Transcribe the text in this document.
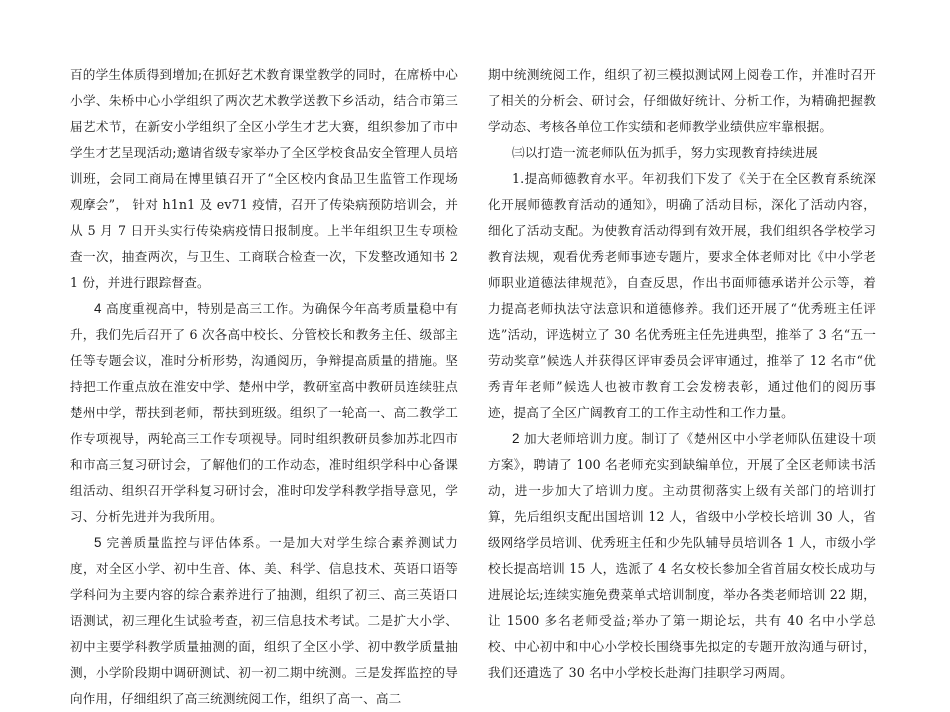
百的学生体质得到增加;在抓好艺术教育课堂教学的同时，在席桥中心小学、朱桥中心小学组织了两次艺术教学送教下乡活动，结合市第三届艺术节，在新安小学组织了全区小学生才艺大赛，组织参加了市中学生才艺呈现活动;邀请省级专家举办了全区学校食品安全管理人员培训班，会同工商局在博里镇召开了“全区校内食品卫生监管工作现场观摩会”， 针对 h1n1 及 ev71 疫情，召开了传染病预防培训会，并从 5 月 7 日开头实行传染病疫情日报制度。上半年组织卫生专项检查一次，抽查两次，与卫生、工商联合检查一次，下发整改通知书 21 份，并进行跟踪督查。

4 高度重视高中，特别是高三工作。为确保今年高考质量稳中有升，我们先后召开了 6 次各高中校长、分管校长和教务主任、级部主任等专题会议，准时分析形势，沟通阅历，争辩提高质量的措施。坚持把工作重点放在淮安中学、楚州中学，教研室高中教研员连续驻点楚州中学，帮扶到老师，帮扶到班级。组织了一轮高一、高二教学工作专项视导，两轮高三工作专项视导。同时组织教研员参加苏北四市和市高三复习研讨会，了解他们的工作动态，准时组织学科中心备课组活动、组织召开学科复习研讨会，准时印发学科教学指导意见，学习、分析先进并为我所用。

5 完善质量监控与评估体系。一是加大对学生综合素养测试力度，对全区小学、初中生音、体、美、科学、信息技术、英语口语等学科问为主要内容的综合素养进行了抽测，组织了初三、高三英语口语测试，初三理化生试验考查，初三信息技术考试。二是扩大小学、初中主要学科教学质量抽测的面，组织了全区小学、初中教学质量抽测，小学阶段期中调研测试、初一初二期中统测。三是发挥监控的导向作用，仔细组织了高三统测统阅工作，组织了高一、高二

期中统测统阅工作，组织了初三模拟测试网上阅卷工作，并准时召开了相关的分析会、研讨会，仔细做好统计、分析工作，为精确把握教学动态、考核各单位工作实绩和老师教学业绩供应牢靠根据。

㈢以打造一流老师队伍为抓手，努力实现教育持续进展

1.提高师德教育水平。年初我们下发了《关于在全区教育系统深化开展师德教育活动的通知》，明确了活动目标，深化了活动内容，细化了活动支配。为使教育活动得到有效开展，我们组织各学校学习教育法规，观看优秀老师事迹专题片，要求全体老师对比《中小学老师职业道德法律规范》，自查反思，作出书面师德承诺并公示等，着力提高老师执法守法意识和道德修养。我们还开展了“优秀班主任评选”活动，评选树立了 30 名优秀班主任先进典型，推举了 3 名“五一劳动奖章”候选人并获得区评审委员会评审通过，推举了 12 名市“优秀青年老师”候选人也被市教育工会发榜表彰，通过他们的阅历事迹，提高了全区广阔教育工的工作主动性和工作力量。

2 加大老师培训力度。制订了《楚州区中小学老师队伍建设十项方案》，聘请了 100 名老师充实到缺编单位，开展了全区老师读书活动，进一步加大了培训力度。主动贯彻落实上级有关部门的培训打算，先后组织支配出国培训 12 人，省级中小学校长培训 30 人，省级网络学员培训、优秀班主任和少先队辅导员培训各 1 人，市级小学校长提高培训 15 人，选派了 4 名女校长参加全省首届女校长成功与进展论坛;连续实施免费菜单式培训制度，举办各类老师培训 22 期，让 1500 多名老师受益;举办了第一期论坛，共有 40 名中小学总校、中心初中和中心小学校长围绕事先拟定的专题开放沟通与研讨，我们还遣选了 30 名中小学校长赴海门挂职学习两周。
